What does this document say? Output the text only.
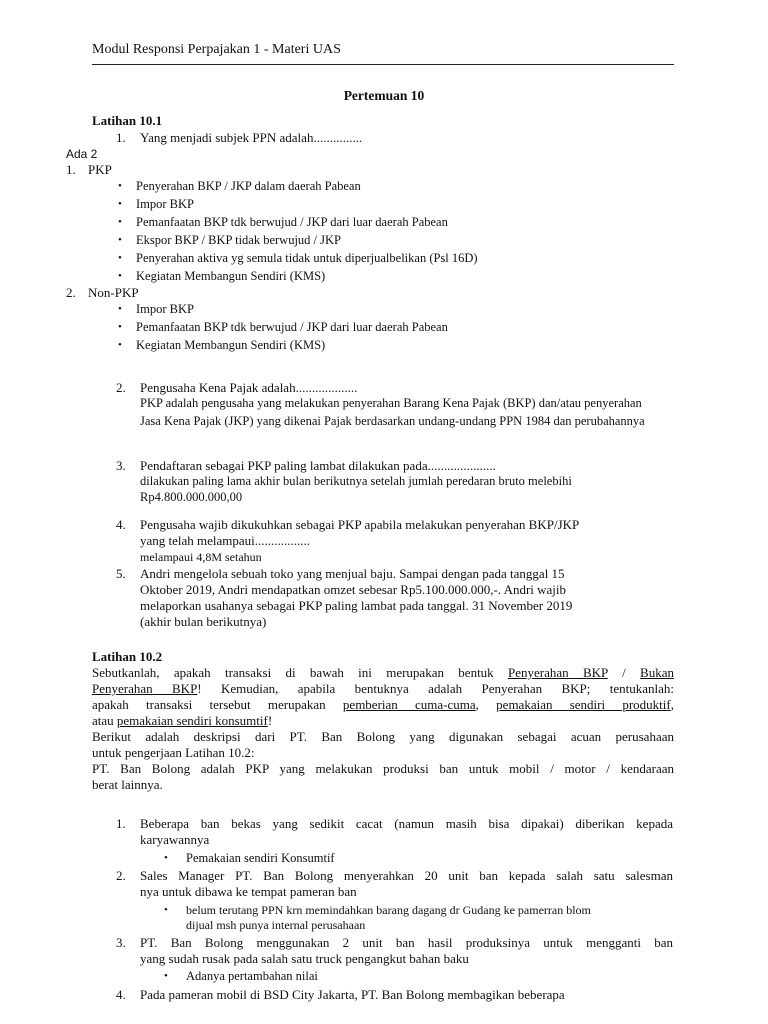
Modul Responsi Perpajakan 1 - Materi UAS
Pertemuan 10
Latihan 10.1
1. Yang menjadi subjek PPN adalah...............
Ada 2
1. PKP
• Penyerahan BKP / JKP dalam daerah Pabean
• Impor BKP
• Pemanfaatan BKP tdk berwujud / JKP dari luar daerah Pabean
• Ekspor BKP / BKP tidak berwujud / JKP
• Penyerahan aktiva yg semula tidak untuk diperjualbelikan (Psl 16D)
• Kegiatan Membangun Sendiri (KMS)
2. Non-PKP
• Impor BKP
• Pemanfaatan BKP tdk berwujud / JKP dari luar daerah Pabean
• Kegiatan Membangun Sendiri (KMS)
2. Pengusaha Kena Pajak adalah...................
PKP adalah pengusaha yang melakukan penyerahan Barang Kena Pajak (BKP) dan/atau penyerahan
Jasa Kena Pajak (JKP) yang dikenai Pajak berdasarkan undang-undang PPN 1984 dan perubahannya
3. Pendaftaran sebagai PKP paling lambat dilakukan pada.....................
dilakukan paling lama akhir bulan berikutnya setelah jumlah peredaran bruto melebihi
Rp4.800.000.000,00
4. Pengusaha wajib dikukuhkan sebagai PKP apabila melakukan penyerahan BKP/JKP
yang telah melampaui.................
melampaui 4,8M setahun
5. Andri mengelola sebuah toko yang menjual baju. Sampai dengan pada tanggal 15
Oktober 2019, Andri mendapatkan omzet sebesar Rp5.100.000.000,-. Andri wajib
melaporkan usahanya sebagai PKP paling lambat pada tanggal. 31 November 2019
(akhir bulan berikutnya)
Latihan 10.2
Sebutkanlah, apakah transaksi di bawah ini merupakan bentuk Penyerahan BKP / Bukan
Penyerahan BKP! Kemudian, apabila bentuknya adalah Penyerahan BKP; tentukanlah:
apakah transaksi tersebut merupakan pemberian cuma-cuma, pemakaian sendiri produktif,
atau pemakaian sendiri konsumtif!
Berikut adalah deskripsi dari PT. Ban Bolong yang digunakan sebagai acuan perusahaan
untuk pengerjaan Latihan 10.2:
PT. Ban Bolong adalah PKP yang melakukan produksi ban untuk mobil / motor / kendaraan
berat lainnya.
1. Beberapa ban bekas yang sedikit cacat (namun masih bisa dipakai) diberikan kepada
karyawannya
• Pemakaian sendiri Konsumtif
2. Sales Manager PT. Ban Bolong menyerahkan 20 unit ban kepada salah satu salesman
nya untuk dibawa ke tempat pameran ban
• belum terutang PPN krn memindahkan barang dagang dr Gudang ke pamerran blom
dijual msh punya internal perusahaan
3. PT. Ban Bolong menggunakan 2 unit ban hasil produksinya untuk mengganti ban
yang sudah rusak pada salah satu truck pengangkut bahan baku
• Adanya pertambahan nilai
4. Pada pameran mobil di BSD City Jakarta, PT. Ban Bolong membagikan beberapa
